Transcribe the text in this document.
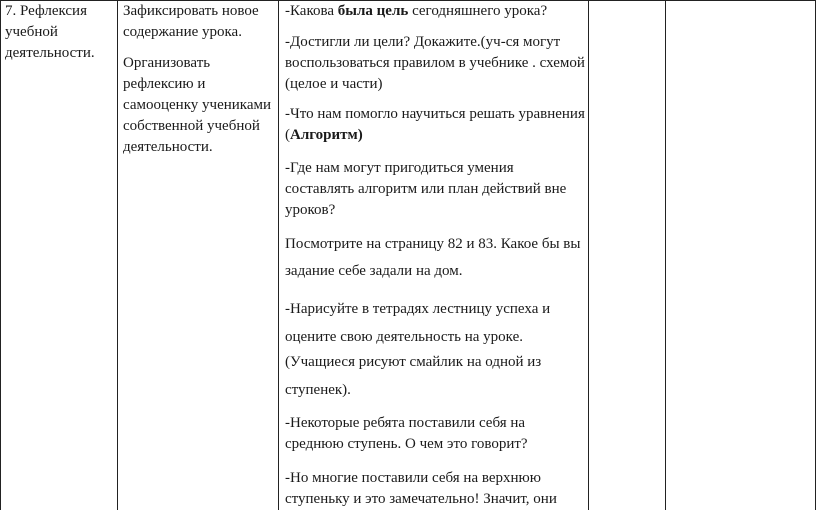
7. Рефлексия учебной деятельности.

Зафиксировать новое содержание урока.

Организовать рефлексию и самооценку учениками собственной учебной деятельности.

-Какова была цель сегодняшнего урока?

-Достигли ли цели? Докажите.(уч-ся могут воспользоваться правилом в учебнике . схемой (целое и части)

-Что нам помогло научиться решать уравнения (Алгоритм)

-Где нам могут пригодиться умения составлять алгоритм или план действий вне уроков?

Посмотрите на страницу 82 и 83. Какое бы вы задание себе задали на дом.

-Нарисуйте в тетрадях лестницу успеха и оцените свою деятельность на уроке.

(Учащиеся рисуют смайлик на одной из ступенек).

-Некоторые ребята поставили себя на среднюю ступень. О чем это говорит?

-Но многие поставили себя на верхнюю ступеньку и это замечательно! Значит, они
